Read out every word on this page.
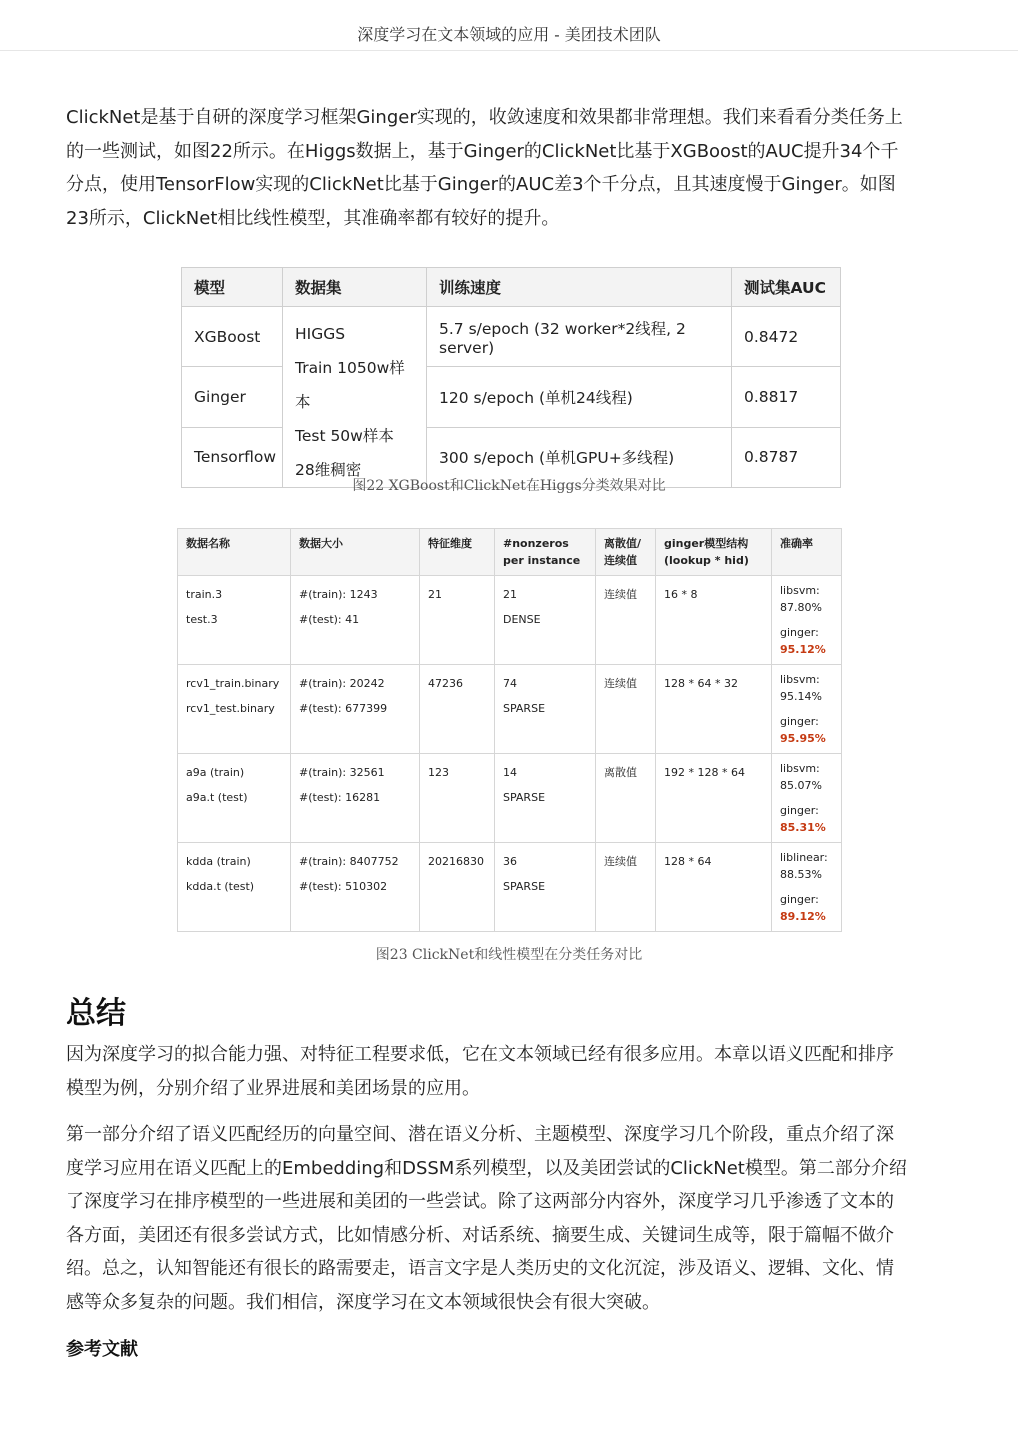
深度学习在文本领域的应用 - 美团技术团队
ClickNet是基于自研的深度学习框架Ginger实现的，收敛速度和效果都非常理想。我们来看看分类任务上
的一些测试，如图22所示。在Higgs数据上，基于Ginger的ClickNet比基于XGBoost的AUC提升34个千
分点，使用TensorFlow实现的ClickNet比基于Ginger的AUC差3个千分点，且其速度慢于Ginger。如图
23所示，ClickNet相比线性模型，其准确率都有较好的提升。
模型	数据集	训练速度	测试集AUC
XGBoost	HIGGS
Train 1050w样本
Test 50w样本
28维稠密	5.7 s/epoch (32 worker*2线程, 2 server)	0.8472
Ginger		120 s/epoch (单机24线程)	0.8817
Tensorflow		300 s/epoch (单机GPU+多线程)	0.8787
图22 XGBoost和ClickNet在Higgs分类效果对比
数据名称	数据大小	特征维度	#nonzeros per instance	离散值/连续值	ginger模型结构 (lookup * hid)	准确率

train.3
test.3	#(train): 1243
#(test): 41	21	21
DENSE	连续值	16 * 8	libsvm:
87.80%
ginger:
95.12%

rcv1_train.binary
rcv1_test.binary	#(train): 20242
#(test): 677399	47236	74
SPARSE	连续值	128 * 64 * 32	libsvm:
95.14%
ginger:
95.95%

a9a (train)
a9a.t (test)	#(train): 32561
#(test): 16281	123	14
SPARSE	离散值	192 * 128 * 64	libsvm:
85.07%
ginger:
85.31%

kdda (train)
kdda.t (test)	#(train): 8407752
#(test): 510302	20216830	36
SPARSE	连续值	128 * 64	liblinear:
88.53%
ginger:
89.12%
图23 ClickNet和线性模型在分类任务对比
总结
因为深度学习的拟合能力强、对特征工程要求低，它在文本领域已经有很多应用。本章以语义匹配和排序
模型为例，分别介绍了业界进展和美团场景的应用。
第一部分介绍了语义匹配经历的向量空间、潜在语义分析、主题模型、深度学习几个阶段，重点介绍了深
度学习应用在语义匹配上的Embedding和DSSM系列模型，以及美团尝试的ClickNet模型。第二部分介绍
了深度学习在排序模型的一些进展和美团的一些尝试。除了这两部分内容外，深度学习几乎渗透了文本的
各方面，美团还有很多尝试方式，比如情感分析、对话系统、摘要生成、关键词生成等，限于篇幅不做介
绍。总之，认知智能还有很长的路需要走，语言文字是人类历史的文化沉淀，涉及语义、逻辑、文化、情
感等众多复杂的问题。我们相信，深度学习在文本领域很快会有很大突破。
参考文献
